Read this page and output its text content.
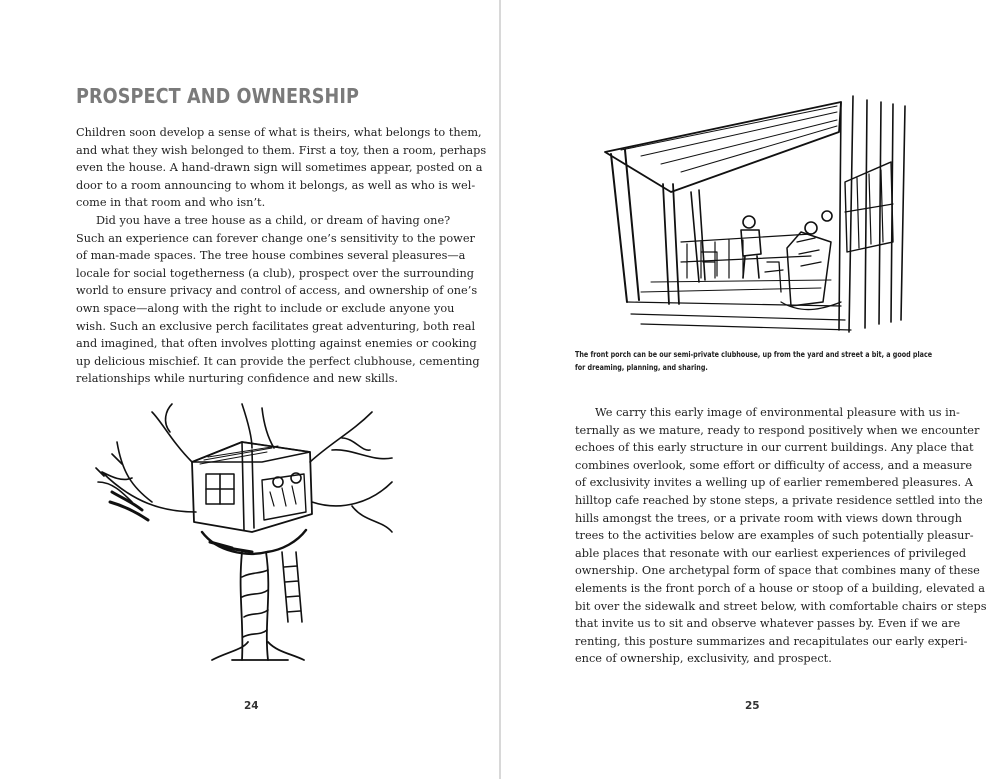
PROSPECT AND OWNERSHIP
Children soon develop a sense of what is theirs, what belongs to them,
and what they wish belonged to them. First a toy, then a room, perhaps
even the house. A hand-drawn sign will sometimes appear, posted on a
door to a room announcing to whom it belongs, as well as who is wel-
come in that room and who isn’t.
Did you have a tree house as a child, or dream of having one?
Such an experience can forever change one’s sensitivity to the power
of man-made spaces. The tree house combines several pleasures—a
locale for social togetherness (a club), prospect over the surrounding
world to ensure privacy and control of access, and ownership of one’s
own space—along with the right to include or exclude anyone you
wish. Such an exclusive perch facilitates great adventuring, both real
and imagined, that often involves plotting against enemies or cooking
up delicious mischief. It can provide the perfect clubhouse, cementing
relationships while nurturing confidence and new skills.
24
The front porch can be our semi-private clubhouse, up from the yard and street a bit, a good place
for dreaming, planning, and sharing.
We carry this early image of environmental pleasure with us in-
ternally as we mature, ready to respond positively when we encounter
echoes of this early structure in our current buildings. Any place that
combines overlook, some effort or difficulty of access, and a measure
of exclusivity invites a welling up of earlier remembered pleasures. A
hilltop cafe reached by stone steps, a private residence settled into the
hills amongst the trees, or a private room with views down through
trees to the activities below are examples of such potentially pleasur-
able places that resonate with our earliest experiences of privileged
ownership. One archetypal form of space that combines many of these
elements is the front porch of a house or stoop of a building, elevated a
bit over the sidewalk and street below, with comfortable chairs or steps
that invite us to sit and observe whatever passes by. Even if we are
renting, this posture summarizes and recapitulates our early experi-
ence of ownership, exclusivity, and prospect.
25
